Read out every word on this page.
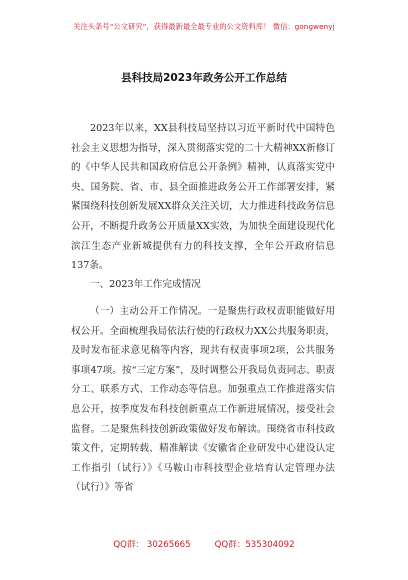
关注头条号“公文研究”，获得最新最全最专业的公文资料库！ 微信：gongwenyj
县科技局2023年政务公开工作总结
2023年以来，XX县科技局坚持以习近平新时代中国特色社会主义思想为指导，深入贯彻落实党的二十大精神XX新修订的《中华人民共和国政府信息公开条例》精神，认真落实党中央、国务院、省、市、县全面推进政务公开工作部署安排，紧紧围绕科技创新发展XX群众关注关切，大力推进科技政务信息公开，不断提升政务公开质量XX实效，为加快全面建设现代化滨江生态产业新城提供有力的科技支撑，全年公开政府信息137条。
一、2023年工作完成情况
（一）主动公开工作情况。一是聚焦行政权责职能做好用权公开。全面梳理我局依法行使的行政权力XX公共服务职责，及时发布征求意见稿等内容，现共有权责事项2项，公共服务事项47项。按“三定方案”，及时调整公开我局负责同志、职责分工、联系方式、工作动态等信息。加强重点工作推进落实信息公开，按季度发布科技创新重点工作新进展情况，接受社会监督。二是聚焦科技创新政策做好发布解读。围绕省市科技政策文件，定期转载、精准解读《安徽省企业研发中心建设认定工作指引（试行）》《马鞍山市科技型企业培育认定管理办法（试行）》等省
QQ群： 30265665	QQ群：535304092
